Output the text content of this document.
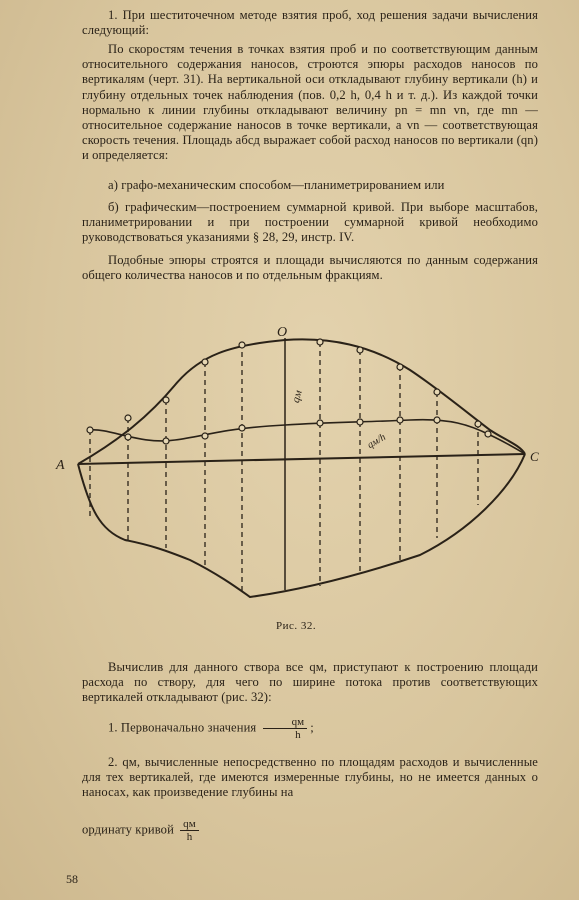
1. При шеститочечном методе взятия проб, ход решения задачи вычисления следующий:
По скоростям течения в точках взятия проб и по соответствующим данным относительного содержания наносов, строются эпюры расходов наносов по вертикалям (черт. 31). На вертикальной оси откладывают глубину вертикали (h) и глубину отдельных точек наблюдения (пов. 0,2 h, 0,4 h и т. д.). Из каждой точки нормально к линии глубины откладывают величину pn = mn vn, где mn — относительное содержание наносов в точке вертикали, а vn — соответствующая скорость течения. Площадь абсд выражает собой расход наносов по вертикали (qn) и определяется:
а) графо-механическим способом—планиметрированием или
б) графическим—построением суммарной кривой. При выборе масштабов, планиметрировании и при построении суммарной кривой необходимо руководствоваться указаниями § 28, 29, инстр. IV.
Подобные эпюры строятся и площади вычисляются по данным содержания общего количества наносов и по отдельным фракциям.
A
C
O
qм
qм/h
Рис. 32.
Вычислив для данного створа все qм, приступают к построению площади расхода по створу, для чего по ширине потока против соответствующих вертикалей откладывают (рис. 32):
1. Первоначально значения $\frac{qм}{h}$ ;
2. qм, вычисленные непосредственно по площадям расходов и вычисленные для тех вертикалей, где имеются измеренные глубины, но не имеется данных о наносах, как произведение глубины на
ординату кривой $\frac{qм}{h}$
58
